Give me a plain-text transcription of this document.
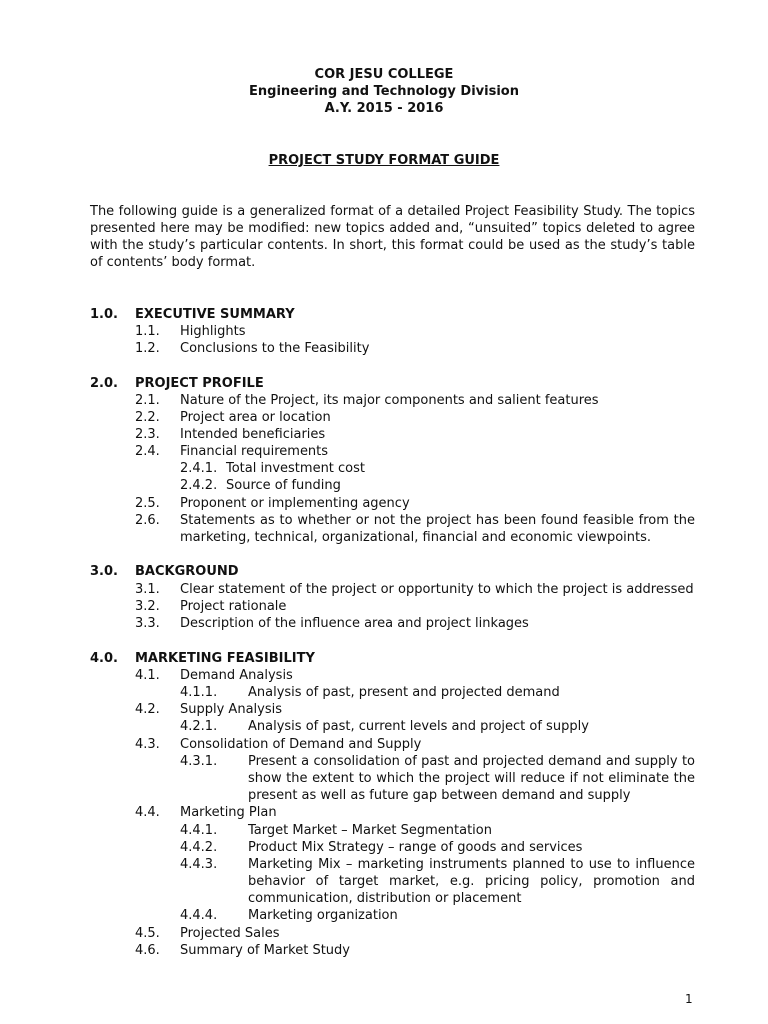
COR JESU COLLEGE
Engineering and Technology Division
A.Y. 2015 - 2016
PROJECT STUDY FORMAT GUIDE
The following guide is a generalized format of a detailed Project Feasibility Study. The topics presented here may be modified: new topics added and, “unsuited” topics deleted to agree with the study’s particular contents. In short, this format could be used as the study’s table of contents’ body format.
1.0. EXECUTIVE SUMMARY
1.1. Highlights
1.2. Conclusions to the Feasibility
2.0. PROJECT PROFILE
2.1. Nature of the Project, its major components and salient features
2.2. Project area or location
2.3. Intended beneficiaries
2.4. Financial requirements
2.4.1. Total investment cost
2.4.2. Source of funding
2.5. Proponent or implementing agency
2.6. Statements as to whether or not the project has been found feasible from the marketing, technical, organizational, financial and economic viewpoints.
3.0. BACKGROUND
3.1. Clear statement of the project or opportunity to which the project is addressed
3.2. Project rationale
3.3. Description of the influence area and project linkages
4.0. MARKETING FEASIBILITY
4.1. Demand Analysis
4.1.1. Analysis of past, present and projected demand
4.2. Supply Analysis
4.2.1. Analysis of past, current levels and project of supply
4.3. Consolidation of Demand and Supply
4.3.1. Present a consolidation of past and projected demand and supply to show the extent to which the project will reduce if not eliminate the present as well as future gap between demand and supply
4.4. Marketing Plan
4.4.1. Target Market – Market Segmentation
4.4.2. Product Mix Strategy – range of goods and services
4.4.3. Marketing Mix – marketing instruments planned to use to influence behavior of target market, e.g. pricing policy, promotion and communication, distribution or placement
4.4.4. Marketing organization
4.5. Projected Sales
4.6. Summary of Market Study
1
